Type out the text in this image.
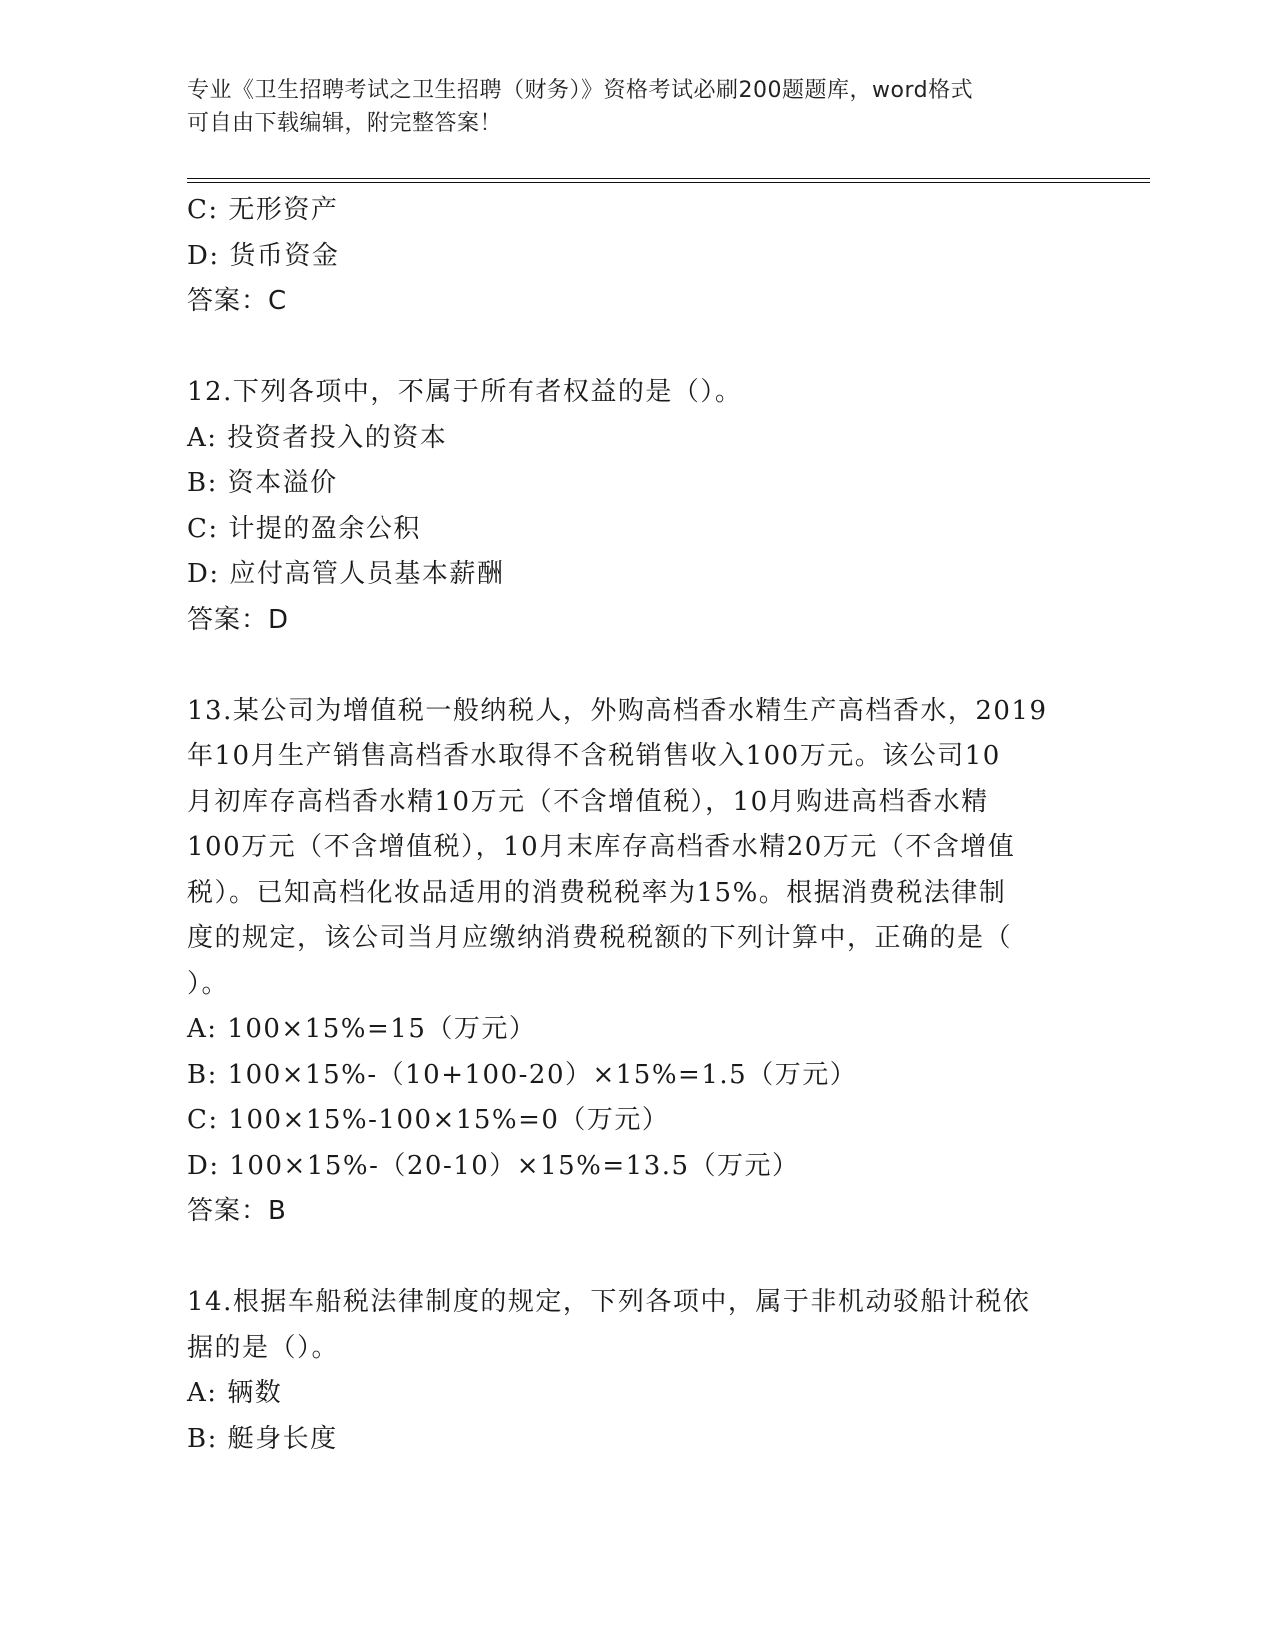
专业《卫生招聘考试之卫生招聘（财务）》资格考试必刷200题题库，word格式
可自由下载编辑，附完整答案！
C: 无形资产
D: 货币资金
答案：C
12.下列各项中，不属于所有者权益的是（）。
A: 投资者投入的资本
B: 资本溢价
C: 计提的盈余公积
D: 应付高管人员基本薪酬
答案：D
13.某公司为增值税一般纳税人，外购高档香水精生产高档香水，2019
年10月生产销售高档香水取得不含税销售收入100万元。该公司10
月初库存高档香水精10万元（不含增值税），10月购进高档香水精
100万元（不含增值税），10月末库存高档香水精20万元（不含增值
税）。已知高档化妆品适用的消费税税率为15%。根据消费税法律制
度的规定，该公司当月应缴纳消费税税额的下列计算中，正确的是（
）。
A: 100×15%=15（万元）
B: 100×15%-（10+100-20）×15%=1.5（万元）
C: 100×15%-100×15%=0（万元）
D: 100×15%-（20-10）×15%=13.5（万元）
答案：B
14.根据车船税法律制度的规定，下列各项中，属于非机动驳船计税依
据的是（）。
A: 辆数
B: 艇身长度
